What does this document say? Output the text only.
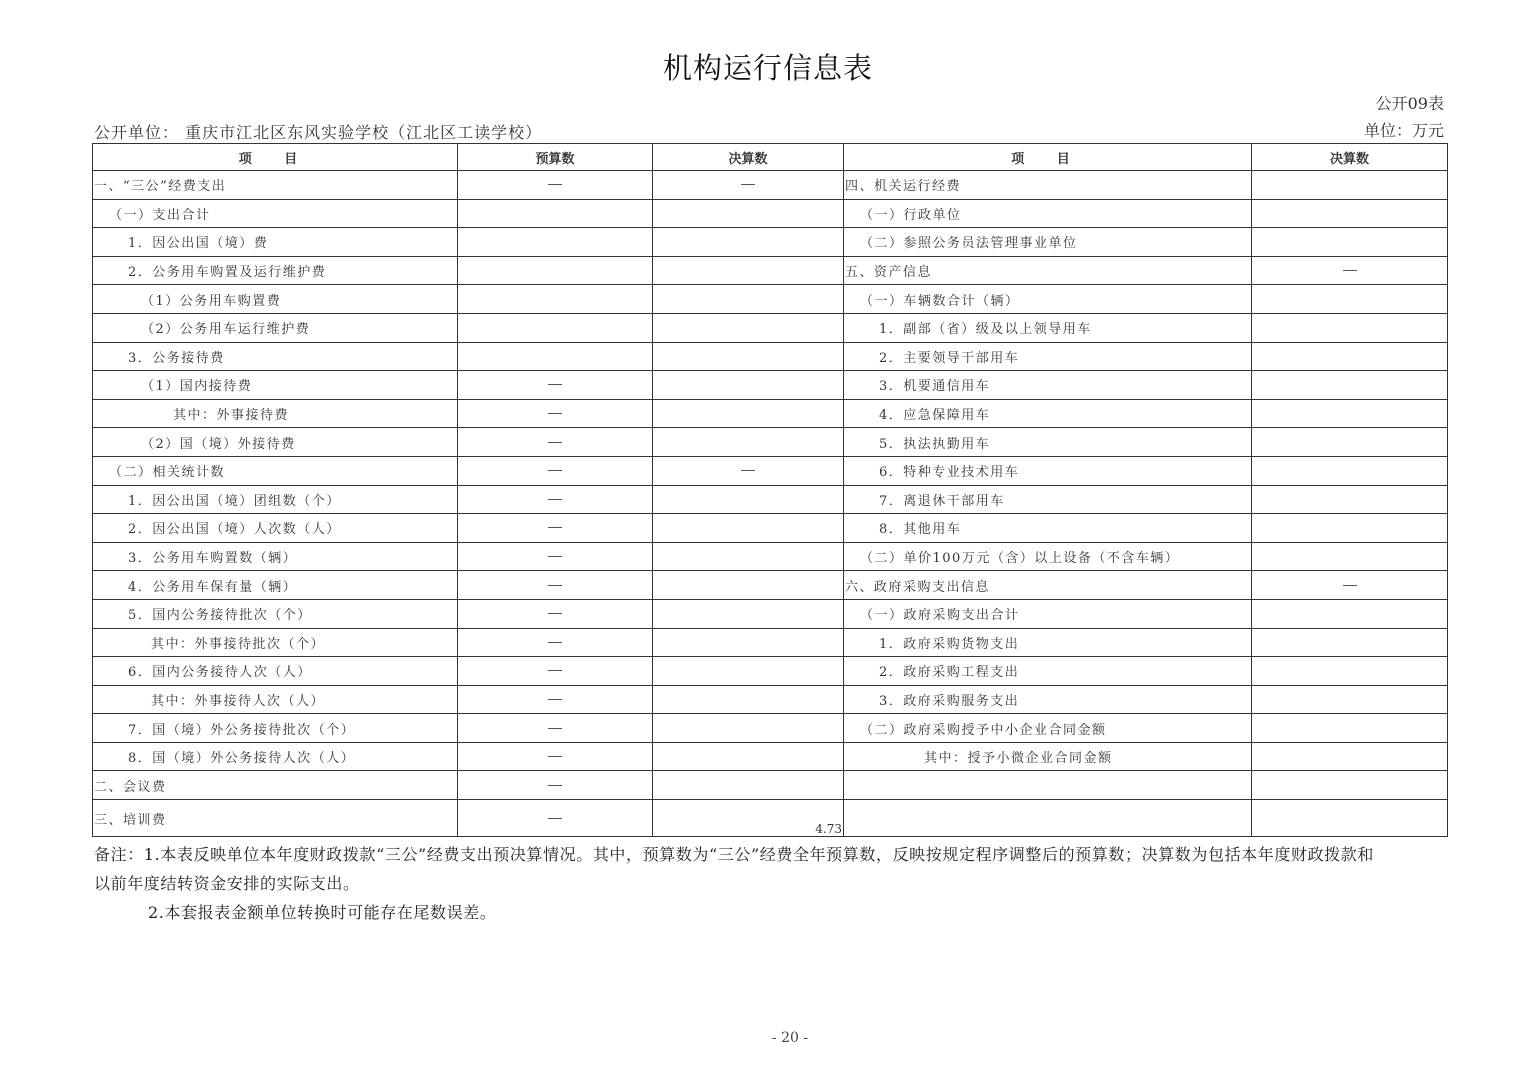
机构运行信息表
公开09表
单位：万元
公开单位： 重庆市江北区东风实验学校（江北区工读学校）
项 目	预算数	决算数	项 目	决算数
一、“三公”经费支出			四、机关运行经费	
（一）支出合计			（一）行政单位	
1．因公出国（境）费			（二）参照公务员法管理事业单位	
2．公务用车购置及运行维护费			五、资产信息	
（1）公务用车购置费			（一）车辆数合计（辆）	
（2）公务用车运行维护费			1．副部（省）级及以上领导用车	
3．公务接待费			2．主要领导干部用车	
（1）国内接待费			3．机要通信用车	
其中：外事接待费			4．应急保障用车	
（2）国（境）外接待费			5．执法执勤用车	
（二）相关统计数			6．特种专业技术用车	
1．因公出国（境）团组数（个）			7．离退休干部用车	
2．因公出国（境）人次数（人）			8．其他用车	
3．公务用车购置数（辆）			（二）单价100万元（含）以上设备（不含车辆）	
4．公务用车保有量（辆）			六、政府采购支出信息	
5．国内公务接待批次（个）			（一）政府采购支出合计	
其中：外事接待批次（个）			1．政府采购货物支出	
6．国内公务接待人次（人）			2．政府采购工程支出	
其中：外事接待人次（人）			3．政府采购服务支出	
7．国（境）外公务接待批次（个）			（二）政府采购授予中小企业合同金额	
8．国（境）外公务接待人次（人）			其中：授予小微企业合同金额	
二、会议费				
三、培训费		4.73		

备注：1.本表反映单位本年度财政拨款“三公”经费支出预决算情况。其中，预算数为“三公”经费全年预算数，反映按规定程序调整后的预算数；决算数为包括本年度财政拨款和

以前年度结转资金安排的实际支出。

2.本套报表金额单位转换时可能存在尾数误差。

- 20 -
